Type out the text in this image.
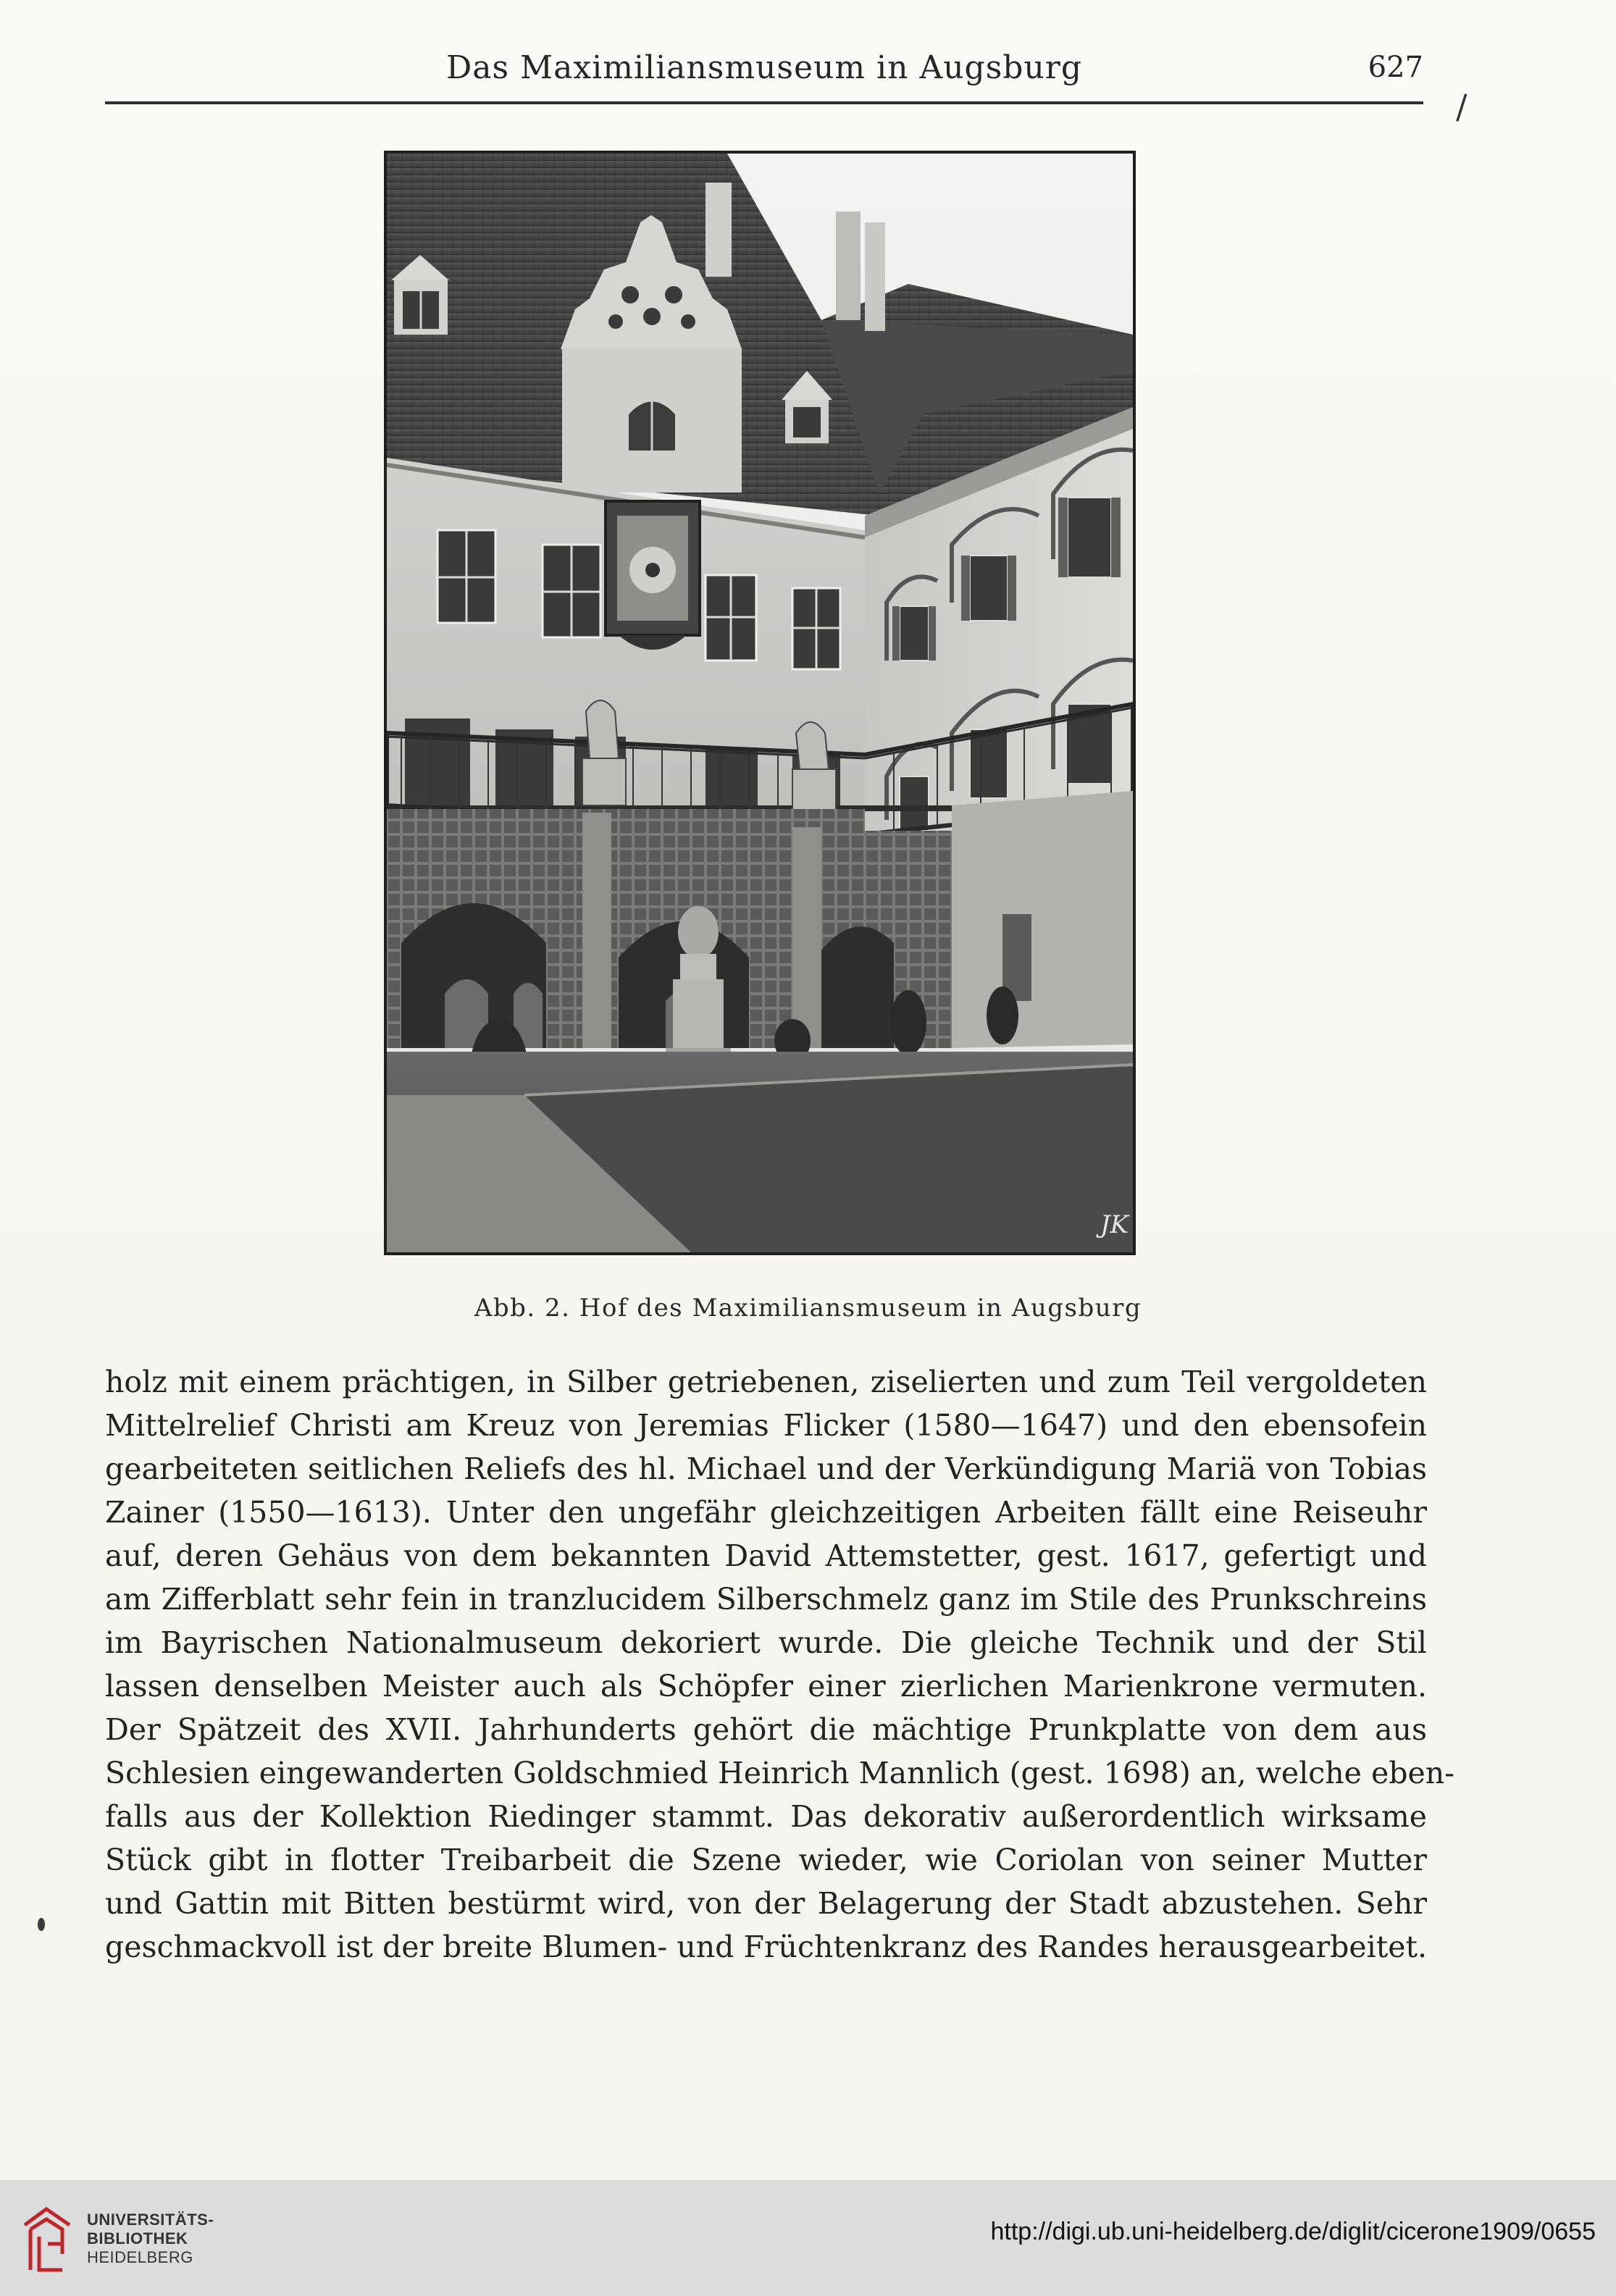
Das Maximiliansmuseum in Augsburg	627
/
JK
Abb. 2. Hof des Maximiliansmuseum in Augsburg
holz mit einem prächtigen, in Silber getriebenen, ziselierten und zum Teil vergoldeten
Mittelrelief Christi am Kreuz von Jeremias Flicker (1580—1647) und den ebensofein
gearbeiteten seitlichen Reliefs des hl. Michael und der Verkündigung Mariä von Tobias
Zainer (1550—1613). Unter den ungefähr gleichzeitigen Arbeiten fällt eine Reiseuhr
auf, deren Gehäus von dem bekannten David Attemstetter, gest. 1617, gefertigt und
am Zifferblatt sehr fein in tranzlucidem Silberschmelz ganz im Stile des Prunkschreins
im Bayrischen Nationalmuseum dekoriert wurde. Die gleiche Technik und der Stil
lassen denselben Meister auch als Schöpfer einer zierlichen Marienkrone vermuten.
Der Spätzeit des XVII. Jahrhunderts gehört die mächtige Prunkplatte von dem aus
Schlesien eingewanderten Goldschmied Heinrich Mannlich (gest. 1698) an, welche eben-
falls aus der Kollektion Riedinger stammt. Das dekorativ außerordentlich wirksame
Stück gibt in flotter Treibarbeit die Szene wieder, wie Coriolan von seiner Mutter
und Gattin mit Bitten bestürmt wird, von der Belagerung der Stadt abzustehen. Sehr
geschmackvoll ist der breite Blumen- und Früchtenkranz des Randes herausgearbeitet.
UNIVERSITÄTS-
BIBLIOTHEK
HEIDELBERG
http://digi.ub.uni-heidelberg.de/diglit/cicerone1909/0655
